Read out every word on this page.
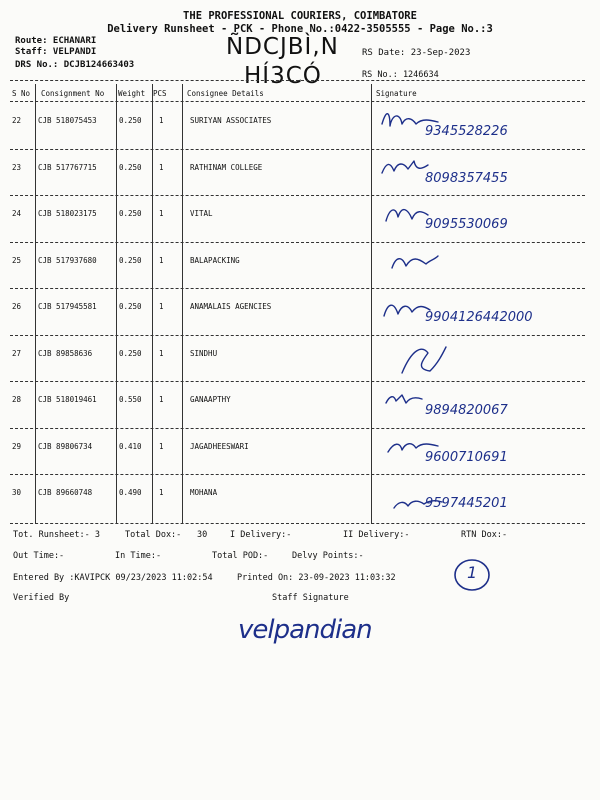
THE PROFESSIONAL COURIERS, COIMBATORE
Delivery Runsheet - PCK - Phone No.:0422-3505555 - Page No.:3
Route: ECHANARI
Staff: VELPANDI
DRS No.: DCJB124663403
ÑDCJBÌ,N
HÍ3CÓ
RS Date: 23-Sep-2023
RS No.: 1246634
S No Consignment No Weight PCS	Consignee Details	Signature
22 CJB 518075453	0.250 1	SURIYAN ASSOCIATES
9345528226
23 CJB 517767715	0.250 1	RATHINAM COLLEGE
8098357455
24 CJB 518023175	0.250 1	VITAL
9095530069
25 CJB 517937680	0.250 1	BALAPACKING
26 CJB 517945581	0.250 1	ANAMALAIS AGENCIES
9904126442000
27 CJB 89858636	0.250 1	SINDHU
28 CJB 518019461	0.550 1	GANAAPTHY
9894820067
29 CJB 89806734	0.410 1	JAGADHEESWARI
9600710691
30 CJB 89660748	0.490 1	MOHANA
9597445201
Tot. Runsheet:- 3	Total Dox:- 30	I Delivery:-	II Delivery:-	RTN Dox:-
Out Time:-	In Time:-	Total POD:-	Delvy Points:-
Entered By :KAVIPCK 09/23/2023 11:02:54	Printed On: 23-09-2023 11:03:32
Verified By	Staff Signature
1
velpandian
